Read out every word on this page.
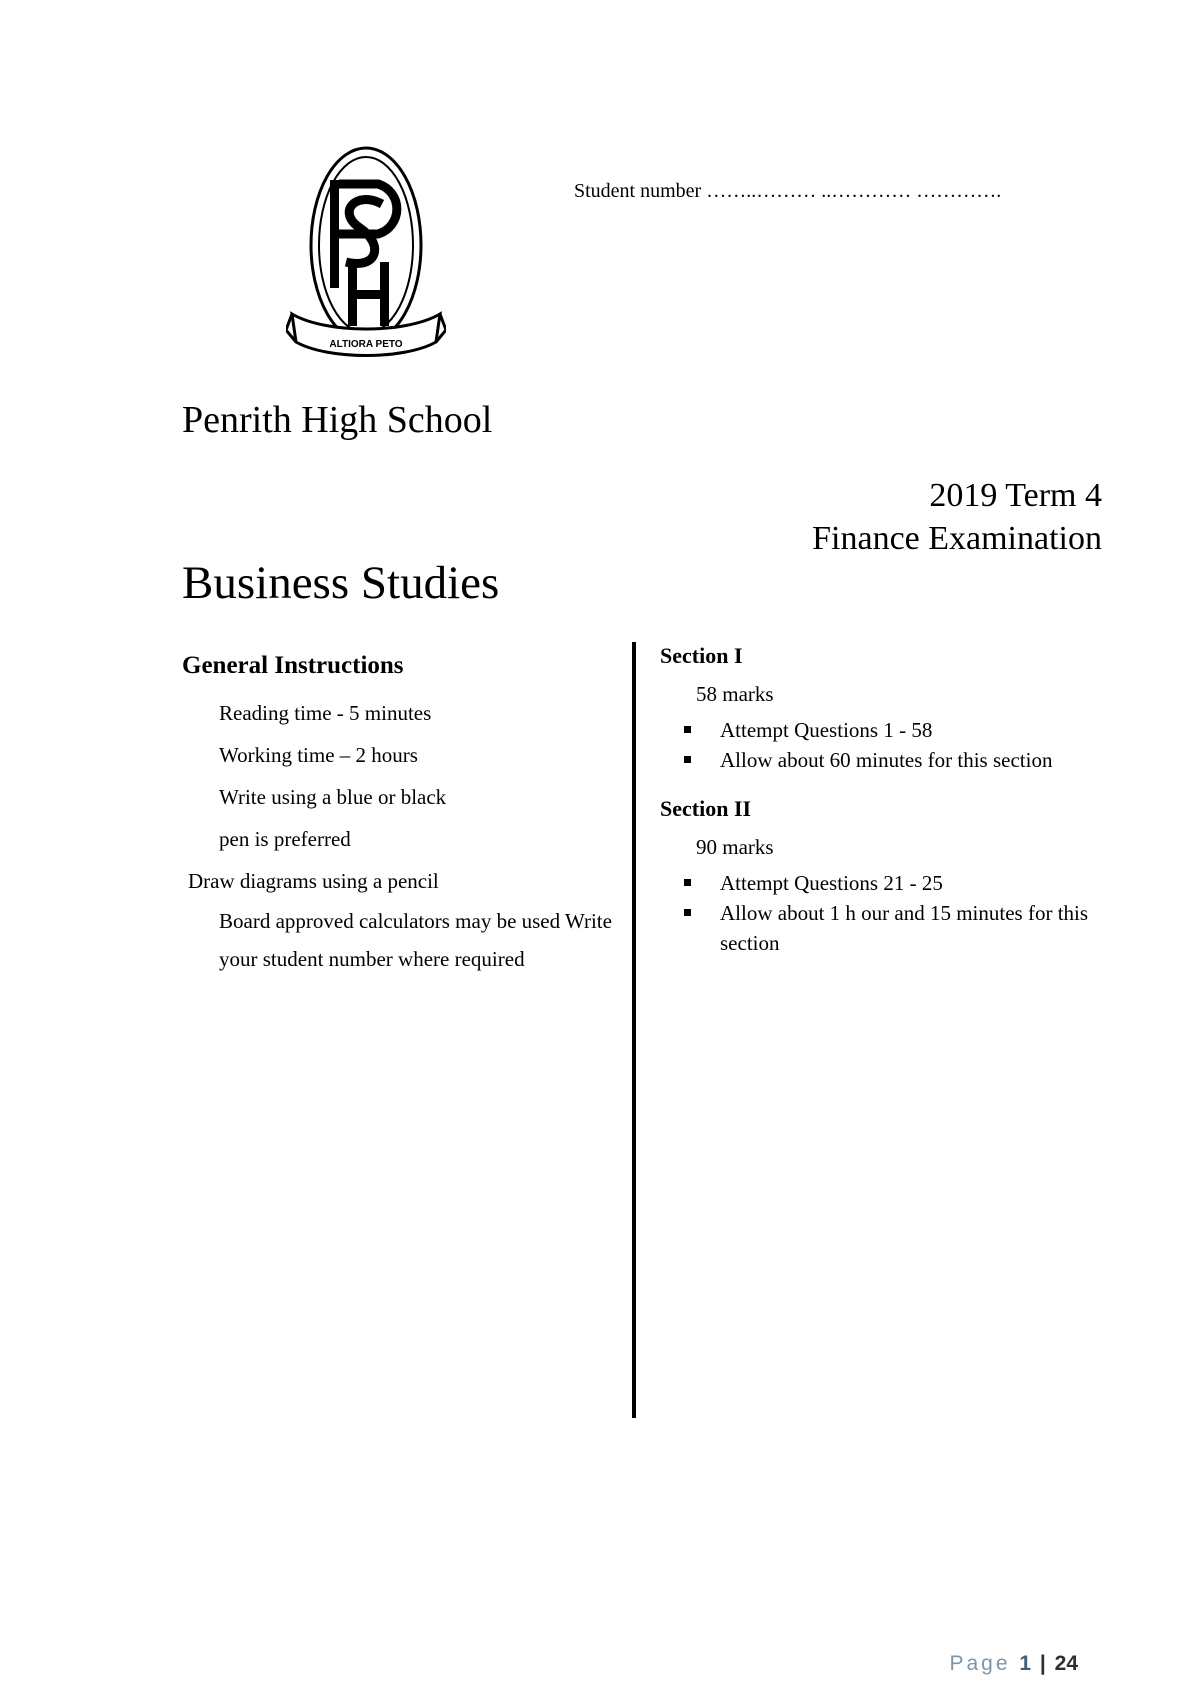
ALTIORA PETO
Student number ……..……… ..………… ………….
Penrith High School
2019 Term 4
Finance Examination
Business Studies
General Instructions
Reading time - 5 minutes
Working time – 2 hours
Write using a blue or black
pen is preferred
Draw diagrams using a pencil
Board approved calculators may be used Write your student number where required
Section I
58 marks
Attempt Questions 1 - 58
Allow about 60 minutes for this section
Section II
90 marks
Attempt Questions 21 - 25
Allow about 1 h our and 15 minutes for this section
Page 1 | 24
